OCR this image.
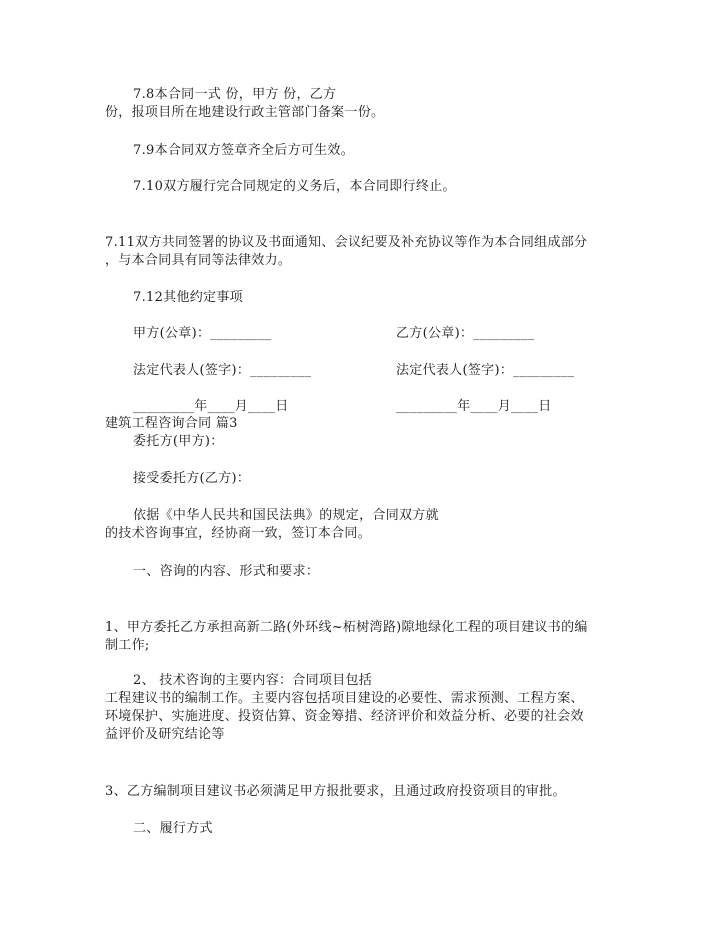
7.8本合同一式 份，甲方 份，乙方
份，报项目所在地建设行政主管部门备案一份。
7.9本合同双方签章齐全后方可生效。
7.10双方履行完合同规定的义务后，本合同即行终止。
7.11双方共同签署的协议及书面通知、会议纪要及补充协议等作为本合同组成部分
，与本合同具有同等法律效力。
7.12其他约定事项
甲方(公章)：_________	乙方(公章)：_________
法定代表人(签字)：_________	法定代表人(签字)：_________
_________年____月____日	_________年____月____日
建筑工程咨询合同 篇3
委托方(甲方)：
接受委托方(乙方)：
依据《中华人民共和国民法典》的规定，合同双方就
的技术咨询事宜，经协商一致，签订本合同。
一、咨询的内容、形式和要求：
1、甲方委托乙方承担高新二路(外环线~柘树湾路)隙地绿化工程的项目建议书的编
制工作;
2、 技术咨询的主要内容：合同项目包括
工程建议书的编制工作。主要内容包括项目建设的必要性、需求预测、工程方案、
环境保护、实施进度、投资估算、资金筹措、经济评价和效益分析、必要的社会效
益评价及研究结论等
3、乙方编制项目建议书必须满足甲方报批要求，且通过政府投资项目的审批。
二、履行方式
